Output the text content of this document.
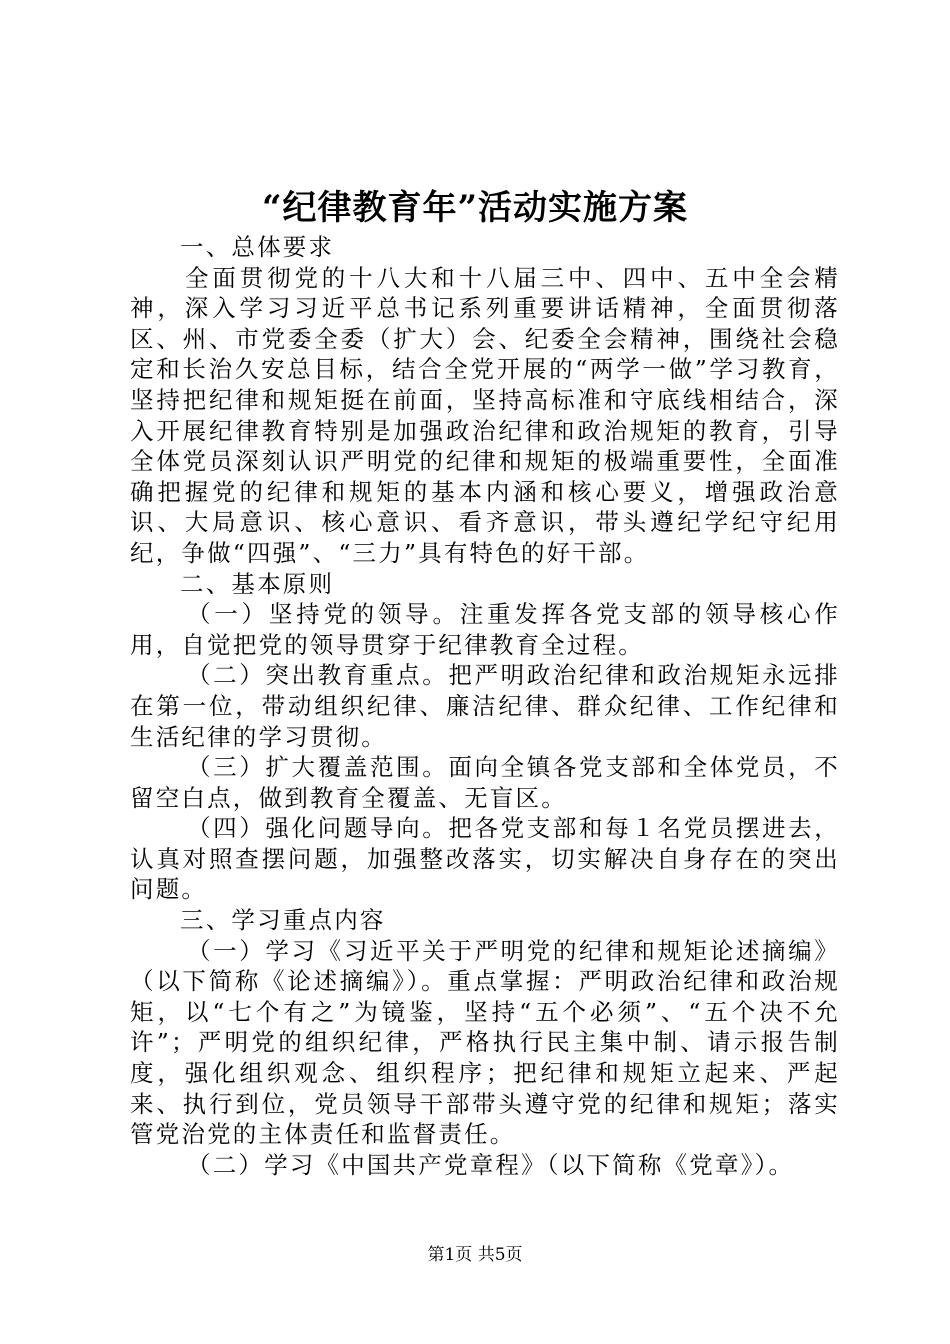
“纪律教育年”活动实施方案

一、总体要求

全面贯彻党的十八大和十八届三中、四中、五中全会精神，深入学习习近平总书记系列重要讲话精神，全面贯彻落区、州、市党委全委（扩大）会、纪委全会精神，围绕社会稳定和长治久安总目标，结合全党开展的“两学一做”学习教育，坚持把纪律和规矩挺在前面，坚持高标准和守底线相结合，深入开展纪律教育特别是加强政治纪律和政治规矩的教育，引导全体党员深刻认识严明党的纪律和规矩的极端重要性，全面准确把握党的纪律和规矩的基本内涵和核心要义，增强政治意识、大局意识、核心意识、看齐意识，带头遵纪学纪守纪用纪，争做“四强”、“三力”具有特色的好干部。

二、基本原则

（一）坚持党的领导。注重发挥各党支部的领导核心作用，自觉把党的领导贯穿于纪律教育全过程。

（二）突出教育重点。把严明政治纪律和政治规矩永远排在第一位，带动组织纪律、廉洁纪律、群众纪律、工作纪律和生活纪律的学习贯彻。

（三）扩大覆盖范围。面向全镇各党支部和全体党员，不留空白点，做到教育全覆盖、无盲区。

（四）强化问题导向。把各党支部和每１名党员摆进去，认真对照查摆问题，加强整改落实，切实解决自身存在的突出问题。

三、学习重点内容

（一）学习《习近平关于严明党的纪律和规矩论述摘编》（以下简称《论述摘编》）。重点掌握：严明政治纪律和政治规矩，以“七个有之”为镜鉴，坚持“五个必须”、“五个决不允许”；严明党的组织纪律，严格执行民主集中制、请示报告制度，强化组织观念、组织程序；把纪律和规矩立起来、严起来、执行到位，党员领导干部带头遵守党的纪律和规矩；落实管党治党的主体责任和监督责任。

（二）学习《中国共产党章程》（以下简称《党章》）。

第1页 共5页
